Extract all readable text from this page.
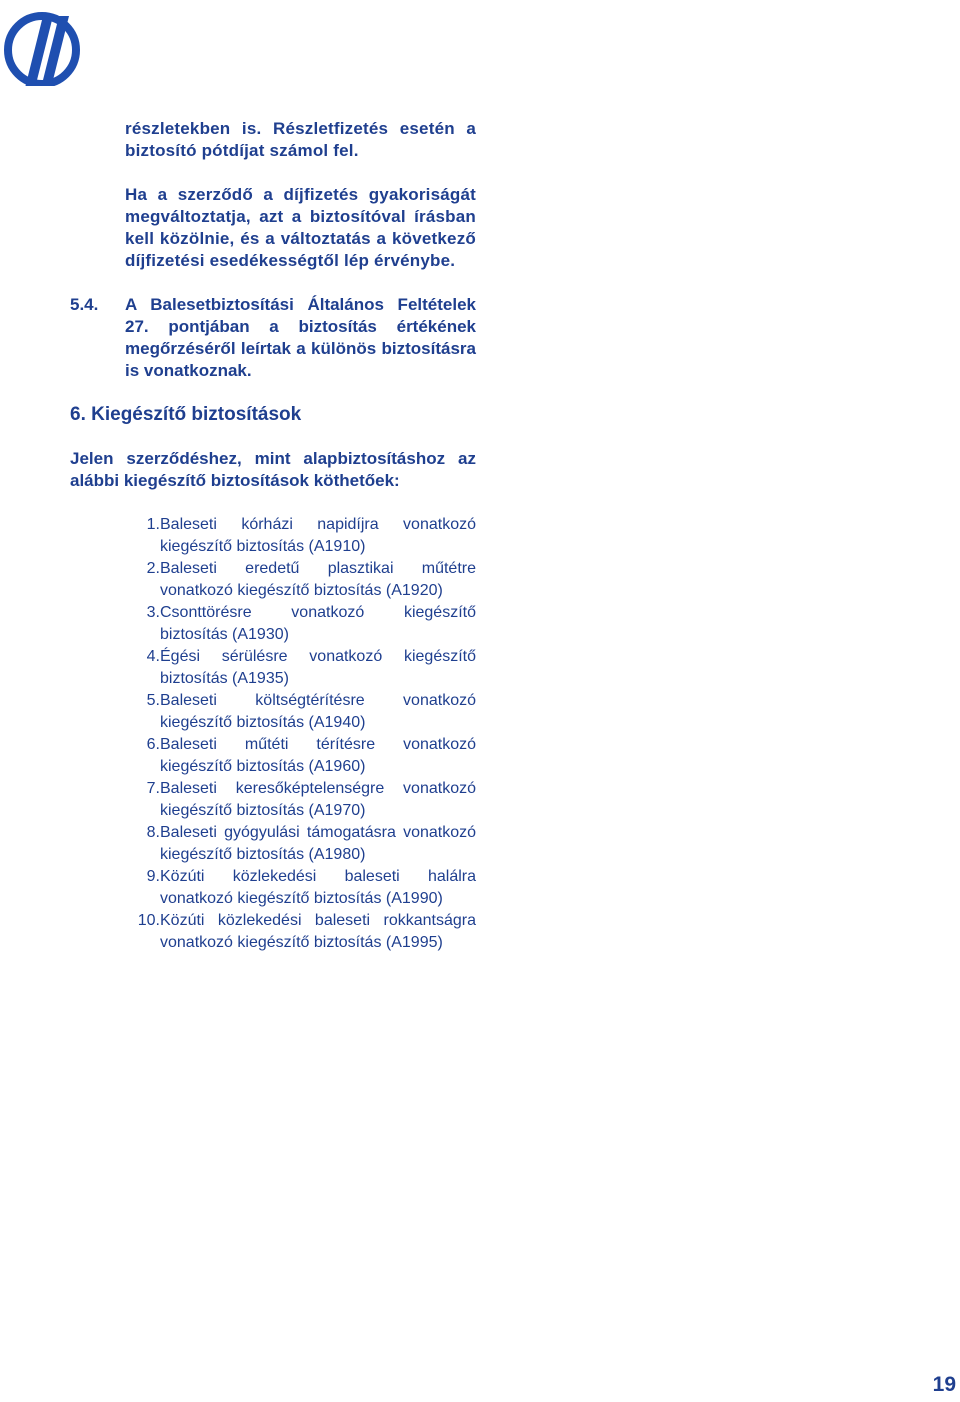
részletekben is. Részletfizetés esetén a biztosító pótdíjat számol fel.

Ha a szerződő a díjfizetés gyakoriságát megváltoztatja, azt a biztosítóval írásban kell közölnie, és a változtatás a következő díjfizetési esedékességtől lép érvénybe.

5.4.	A Balesetbiztosítási Általános Feltételek 27. pontjában a biztosítás értékének megőrzéséről leírtak a különös biztosításra is vonatkoznak.
6. Kiegészítő biztosítások

Jelen szerződéshez, mint alapbiztosításhoz az alábbi kiegészítő biztosítások köthetőek:

1. Baleseti kórházi napidíjra vonatkozó kiegészítő biztosítás (A1910)
2. Baleseti eredetű plasztikai műtétre vonatkozó kiegészítő biztosítás (A1920)
3. Csonttörésre vonatkozó kiegészítő biztosítás (A1930)
4. Égési sérülésre vonatkozó kiegészítő biztosítás (A1935)
5. Baleseti költségtérítésre vonatkozó kiegészítő biztosítás (A1940)
6. Baleseti műtéti térítésre vonatkozó kiegészítő biztosítás (A1960)
7. Baleseti keresőképtelenségre vonatkozó kiegészítő biztosítás (A1970)
8. Baleseti gyógyulási támogatásra vonatkozó kiegészítő biztosítás (A1980)
9. Közúti közlekedési baleseti halálra vonatkozó kiegészítő biztosítás (A1990)
10. Közúti közlekedési baleseti rokkantságra vonatkozó kiegészítő biztosítás (A1995)
19
